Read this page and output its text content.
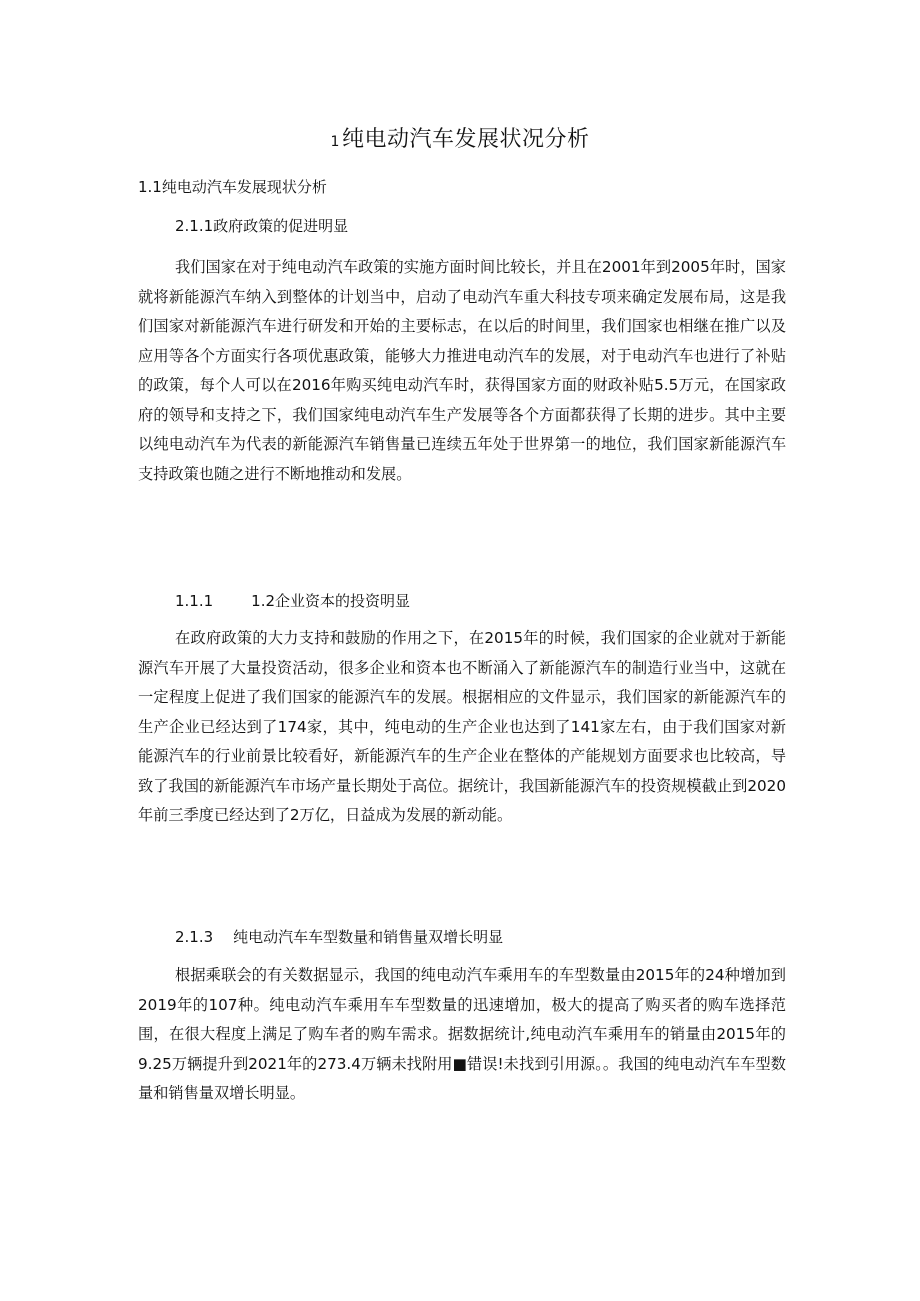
1纯电动汽车发展状况分析
1.1纯电动汽车发展现状分析
2.1.1政府政策的促进明显

我们国家在对于纯电动汽车政策的实施方面时间比较长，并且在2001年到2005年时，国家就将新能源汽车纳入到整体的计划当中，启动了电动汽车重大科技专项来确定发展布局，这是我们国家对新能源汽车进行研发和开始的主要标志，在以后的时间里，我们国家也相继在推广以及应用等各个方面实行各项优惠政策，能够大力推进电动汽车的发展，对于电动汽车也进行了补贴的政策，每个人可以在2016年购买纯电动汽车时，获得国家方面的财政补贴5.5万元，在国家政府的领导和支持之下，我们国家纯电动汽车生产发展等各个方面都获得了长期的进步。其中主要以纯电动汽车为代表的新能源汽车销售量已连续五年处于世界第一的地位，我们国家新能源汽车支持政策也随之进行不断地推动和发展。

1.1.1	1.2企业资本的投资明显

在政府政策的大力支持和鼓励的作用之下，在2015年的时候，我们国家的企业就对于新能源汽车开展了大量投资活动，很多企业和资本也不断涌入了新能源汽车的制造行业当中，这就在一定程度上促进了我们国家的能源汽车的发展。根据相应的文件显示，我们国家的新能源汽车的生产企业已经达到了174家，其中，纯电动的生产企业也达到了141家左右，由于我们国家对新能源汽车的行业前景比较看好，新能源汽车的生产企业在整体的产能规划方面要求也比较高，导致了我国的新能源汽车市场产量长期处于高位。据统计，我国新能源汽车的投资规模截止到2020年前三季度已经达到了2万亿，日益成为发展的新动能。

2.1.3 纯电动汽车车型数量和销售量双增长明显

根据乘联会的有关数据显示，我国的纯电动汽车乘用车的车型数量由2015年的24种增加到2019年的107种。纯电动汽车乘用车车型数量的迅速增加，极大的提高了购买者的购车选择范围，在很大程度上满足了购车者的购车需求。据数据统计,纯电动汽车乘用车的销量由2015年的9.25万辆提升到2021年的273.4万辆未找附用■错误!未找到引用源。。我国的纯电动汽车车型数量和销售量双增长明显。
